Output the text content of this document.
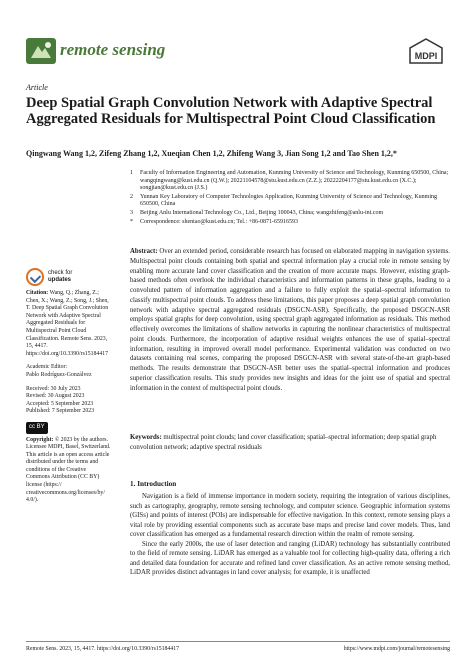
remote sensing	MDPI
Article
Deep Spatial Graph Convolution Network with Adaptive Spectral Aggregated Residuals for Multispectral Point Cloud Classification
Qingwang Wang 1,2, Zifeng Zhang 1,2, Xueqian Chen 1,2, Zhifeng Wang 3, Jian Song 1,2 and Tao Shen 1,2,*
1	Faculty of Information Engineering and Automation, Kunming University of Science and Technology, Kunming 650500, China; wangqingwang@kust.edu.cn (Q.W.); 20221104578@stu.kust.edu.cn (Z.Z.); 20222204177@stu.kust.edu.cn (X.C.); songjian@kust.edu.cn (J.S.)
2	Yunnan Key Laboratory of Computer Technologies Application, Kunming University of Science and Technology, Kunming 650500, China
3	Beijing Anlu International Technology Co., Ltd., Beijing 100043, China; wangzhifeng@anlu-int.com
*	Correspondence: shentao@kust.edu.cn; Tel.: +86-0871-65916593
Abstract: Over an extended period, considerable research has focused on elaborated mapping in navigation systems. Multispectral point clouds containing both spatial and spectral information play a crucial role in remote sensing by enabling more accurate land cover classification and the creation of more accurate maps. However, existing graph-based methods often overlook the individual characteristics and information patterns in these graphs, leading to a convoluted pattern of information aggregation and a failure to fully exploit the spatial–spectral information to classify multispectral point clouds. To address these limitations, this paper proposes a deep spatial graph convolution network with adaptive spectral aggregated residuals (DSGCN-ASR). Specifically, the proposed DSGCN-ASR employs spatial graphs for deep convolution, using spectral graph aggregated information as residuals. This method effectively overcomes the limitations of shallow networks in capturing the nonlinear characteristics of multispectral point clouds. Furthermore, the incorporation of adaptive residual weights enhances the use of spatial–spectral information, resulting in improved overall model performance. Experimental validation was conducted on two datasets containing real scenes, comparing the proposed DSGCN-ASR with several state-of-the-art graph-based methods. The results demonstrate that DSGCN-ASR better uses the spatial–spectral information and produces superior classification results. This study provides new insights and ideas for the joint use of spatial and spectral information in the context of multispectral point clouds.
Keywords: multispectral point clouds; land cover classification; spatial–spectral information; deep spatial graph convolution network; adaptive spectral residuals
check for
updates
Citation: Wang, Q.; Zhang, Z.; Chen, X.; Wang, Z.; Song, J.; Shen, T. Deep Spatial Graph Convolution Network with Adaptive Spectral Aggregated Residuals for Multispectral Point Cloud Classification. Remote Sens. 2023, 15, 4417. https://doi.org/10.3390/rs15184417
Academic Editor:
Pablo Rodríguez-Gonzálvez
Received: 30 July 2023
Revised: 30 August 2023
Accepted: 5 September 2023
Published: 7 September 2023
cc BY
Copyright: © 2023 by the authors. Licensee MDPI, Basel, Switzerland. This article is an open access article distributed under the terms and conditions of the Creative Commons Attribution (CC BY) license (https:// creativecommons.org/licenses/by/ 4.0/).
1. Introduction

Navigation is a field of immense importance in modern society, requiring the integration of various disciplines, such as cartography, geography, remote sensing technology, and computer science. Geographic information systems (GISs) and points of interest (POIs) are indispensable for effective navigation. In this context, remote sensing plays a vital role by providing essential components such as accurate base maps and precise land cover models. Thus, land cover classification has emerged as a fundamental research direction within the realm of remote sensing.

Since the early 2000s, the use of laser detection and ranging (LiDAR) technology has substantially contributed to the field of remote sensing. LiDAR has emerged as a valuable tool for collecting high-quality data, offering a rich and detailed data foundation for accurate and refined land cover classification. As an active remote sensing method, LiDAR provides distinct advantages in land cover analysis; for example, it is unaffected

Remote Sens. 2023, 15, 4417. https://doi.org/10.3390/rs15184417	https://www.mdpi.com/journal/remotesensing
